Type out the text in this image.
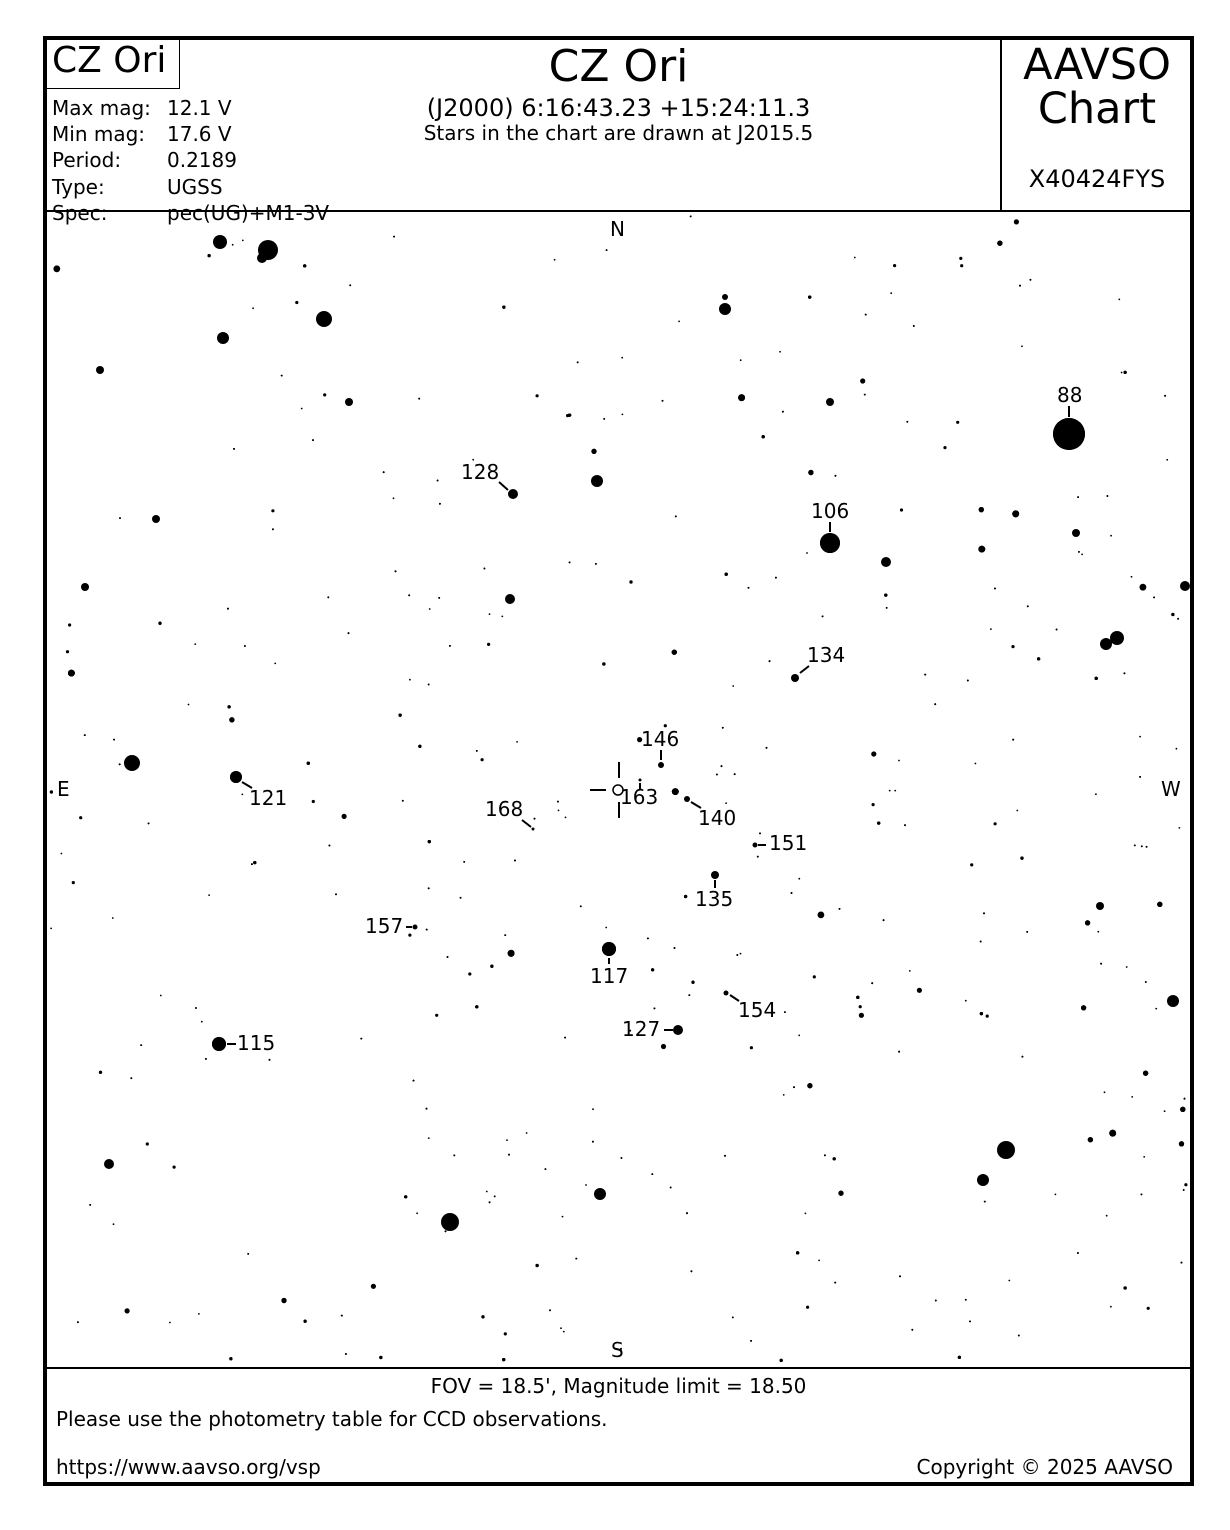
CZ Ori
Max mag: 12.1 V
Min mag:	17.6 V
Period:	0.2189
Type:	UGSS
Spec:	pec(UG)+M1-3V
CZ Ori
(J2000) 6:16:43.23 +15:24:11.3
Stars in the chart are drawn at J2015.5
AAVSO
Chart
X40424FYS
88
106
115
117
121
127
128
134
135
140
146
151
154
157
163
168
N
S
E	W
FOV = 18.5', Magnitude limit = 18.50
Please use the photometry table for CCD observations.
https://www.aavso.org/vsp	Copyright © 2025 AAVSO
